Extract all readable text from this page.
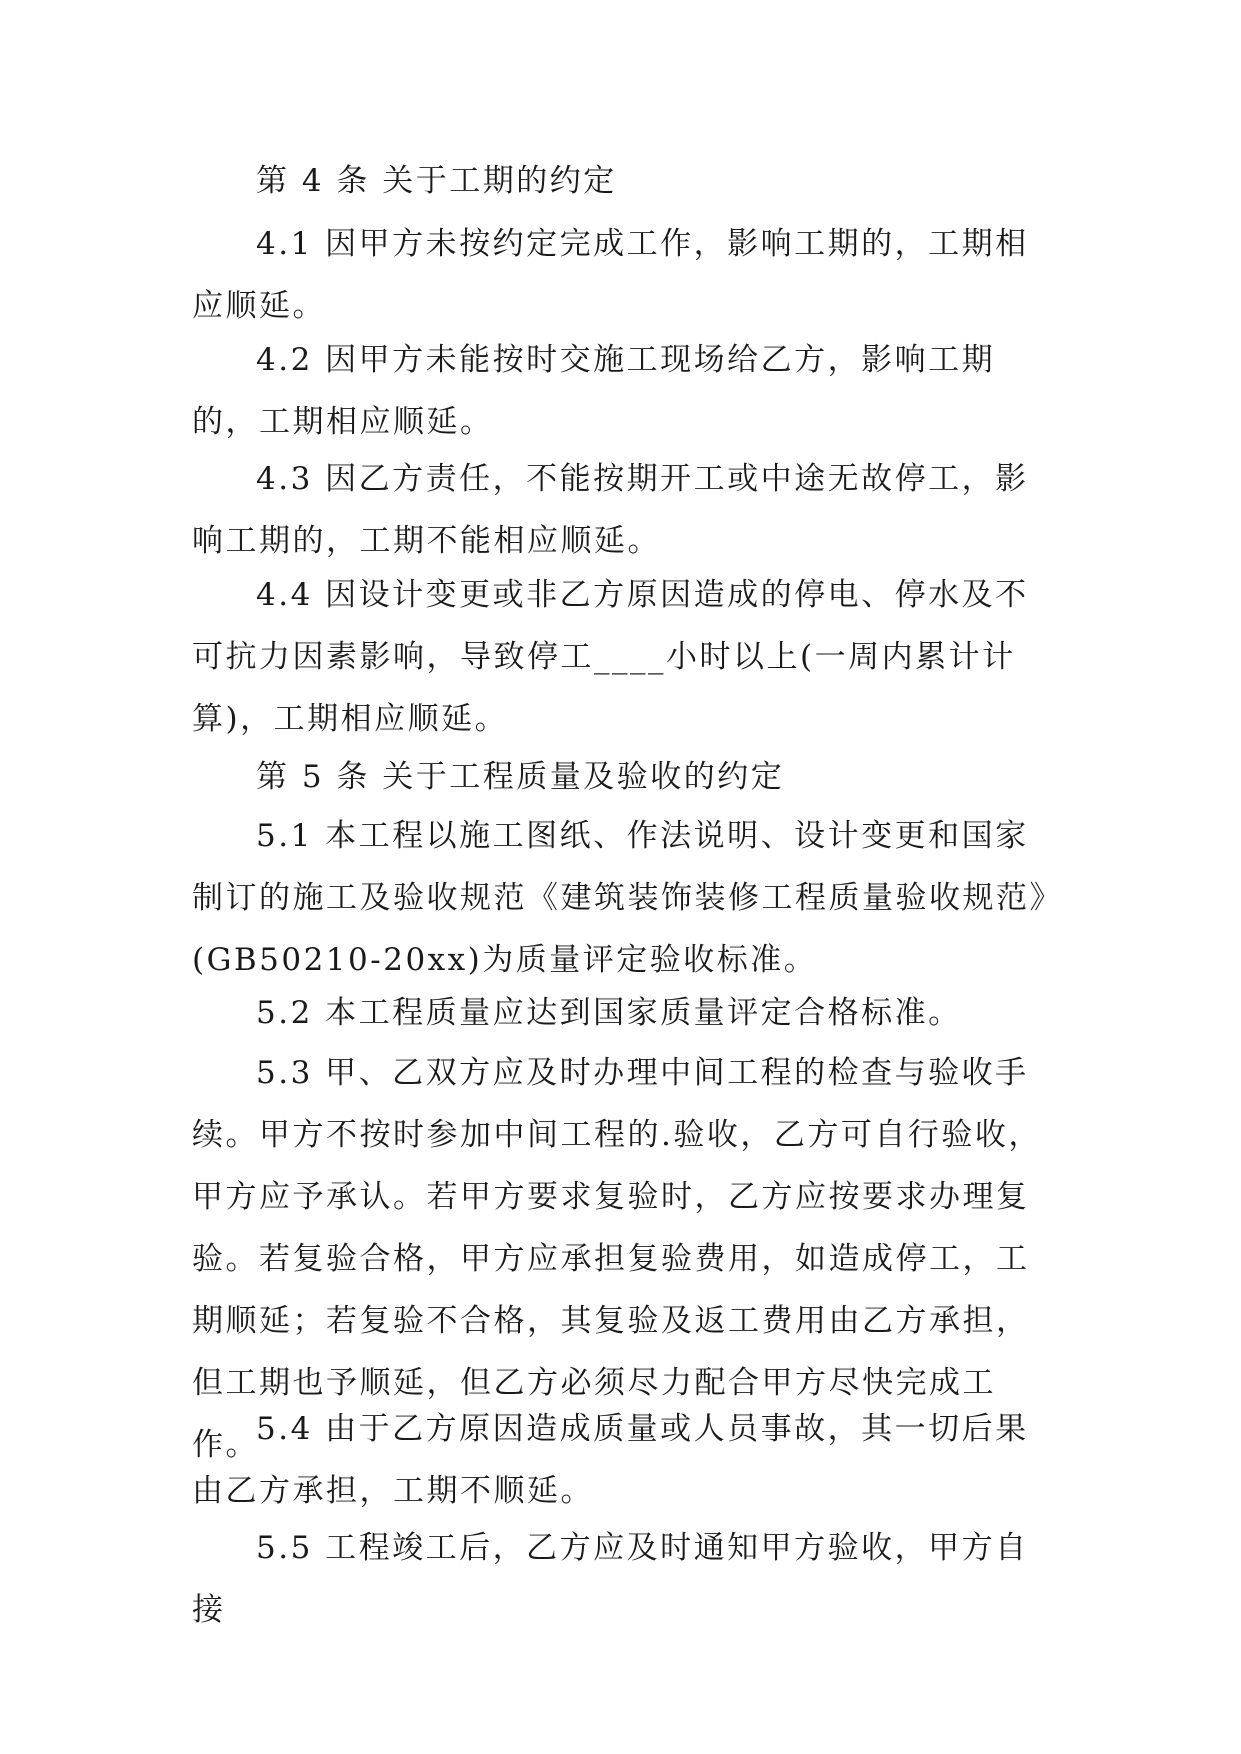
第 4 条 关于工期的约定

4.1 因甲方未按约定完成工作，影响工期的，工期相应顺延。

4.2 因甲方未能按时交施工现场给乙方，影响工期的，工期相应顺延。

4.3 因乙方责任，不能按期开工或中途无故停工，影响工期的，工期不能相应顺延。

4.4 因设计变更或非乙方原因造成的停电、停水及不可抗力因素影响，导致停工____小时以上(一周内累计计算)，工期相应顺延。

第 5 条 关于工程质量及验收的约定

5.1 本工程以施工图纸、作法说明、设计变更和国家制订的施工及验收规范《建筑装饰装修工程质量验收规范》(GB50210-20xx)为质量评定验收标准。

5.2 本工程质量应达到国家质量评定合格标准。

5.3 甲、乙双方应及时办理中间工程的检查与验收手续。甲方不按时参加中间工程的.验收，乙方可自行验收，甲方应予承认。若甲方要求复验时，乙方应按要求办理复验。若复验合格，甲方应承担复验费用，如造成停工，工期顺延；若复验不合格，其复验及返工费用由乙方承担，但工期也予顺延，但乙方必须尽力配合甲方尽快完成工作。

5.4 由于乙方原因造成质量或人员事故，其一切后果由乙方承担，工期不顺延。

5.5 工程竣工后，乙方应及时通知甲方验收，甲方自接
